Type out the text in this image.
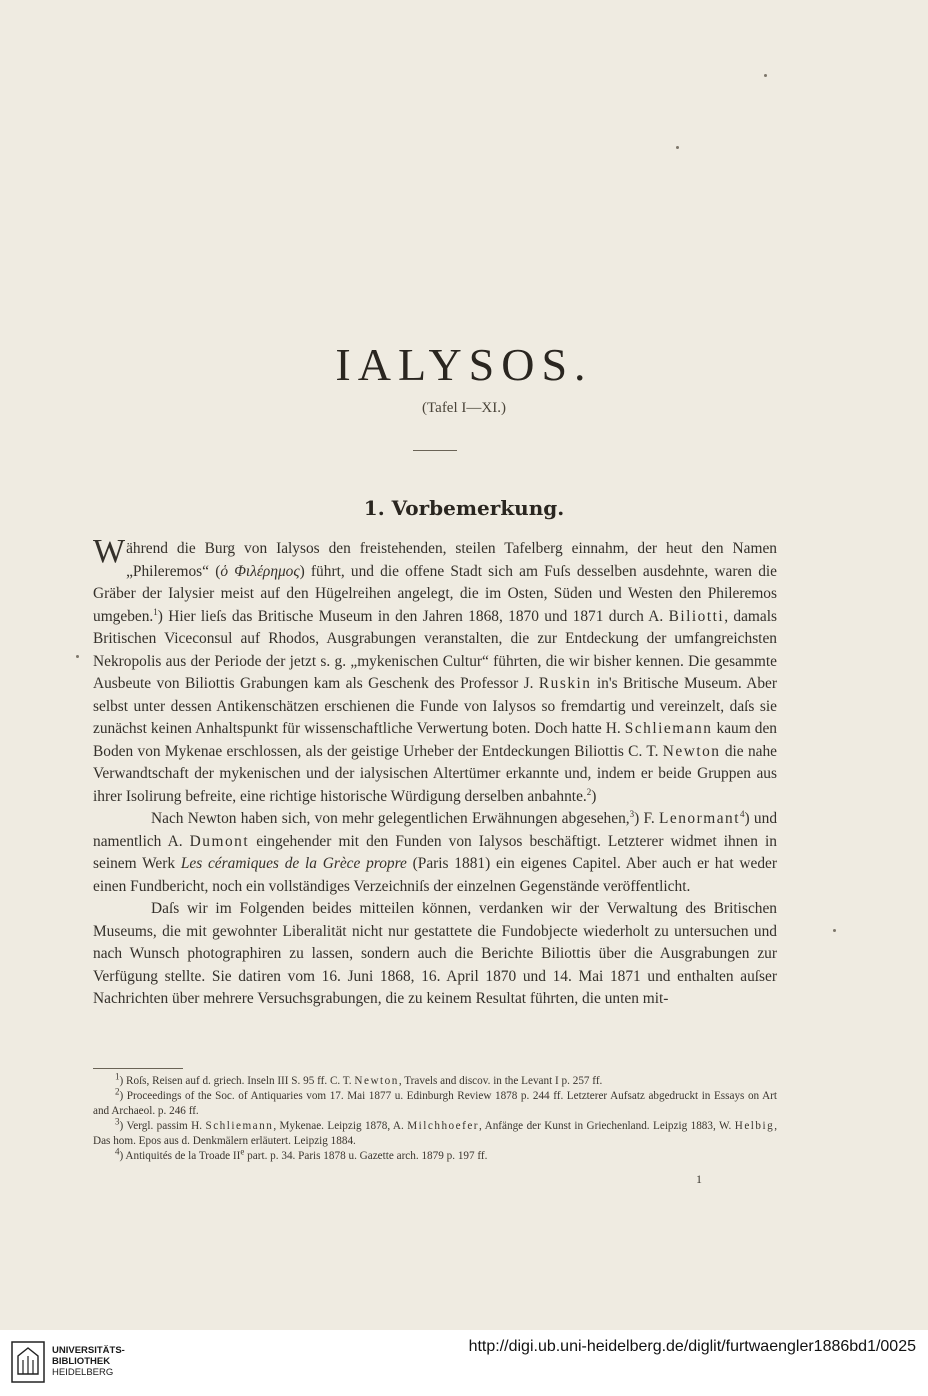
IALYSOS.
(Tafel I—XI.)
1. Vorbemerkung.

Während die Burg von Ialysos den freistehenden, steilen Tafelberg einnahm, der heut den Namen „Phileremos“ (ὁ Φιλέρημος) führt, und die offene Stadt sich am Fuſs desselben ausdehnte, waren die Gräber der Ialysier meist auf den Hügelreihen angelegt, die im Osten, Süden und Westen den Phileremos umgeben.$^1$) Hier lieſs das Britische Museum in den Jahren 1868, 1870 und 1871 durch A. Biliotti, damals Britischen Viceconsul auf Rhodos, Ausgrabungen veranstalten, die zur Entdeckung der umfangreichsten Nekropolis aus der Periode der jetzt s. g. „mykenischen Cultur“ führten, die wir bisher kennen. Die gesammte Ausbeute von Biliottis Grabungen kam als Geschenk des Professor J. Ruskin in's Britische Museum. Aber selbst unter dessen Antikenschätzen erschienen die Funde von Ialysos so fremdartig und vereinzelt, daſs sie zunächst keinen Anhaltspunkt für wissenschaftliche Verwertung boten. Doch hatte H. Schliemann kaum den Boden von Mykenae erschlossen, als der geistige Urheber der Entdeckungen Biliottis C. T. Newton die nahe Verwandtschaft der mykenischen und der ialysischen Altertümer erkannte und, indem er beide Gruppen aus ihrer Isolirung befreite, eine richtige historische Würdigung derselben anbahnte.$^2$)

Nach Newton haben sich, von mehr gelegentlichen Erwähnungen abgesehen,$^3$) F. Lenormant$^4$) und namentlich A. Dumont eingehender mit den Funden von Ialysos beschäftigt. Letzterer widmet ihnen in seinem Werk Les céramiques de la Grèce propre (Paris 1881) ein eigenes Capitel. Aber auch er hat weder einen Fundbericht, noch ein vollständiges Verzeichniſs der einzelnen Gegenstände veröffentlicht.

Daſs wir im Folgenden beides mitteilen können, verdanken wir der Verwaltung des Britischen Museums, die mit gewohnter Liberalität nicht nur gestattete die Fundobjecte wiederholt zu untersuchen und nach Wunsch photographiren zu lassen, sondern auch die Berichte Biliottis über die Ausgrabungen zur Verfügung stellte. Sie datiren vom 16. Juni 1868, 16. April 1870 und 14. Mai 1871 und enthalten auſser Nachrichten über mehrere Versuchsgrabungen, die zu keinem Resultat führten, die unten mit-

$^1$) Roſs, Reisen auf d. griech. Inseln III S. 95 ff. C. T. Newton, Travels and discov. in the Levant I p. 257 ff.

$^2$) Proceedings of the Soc. of Antiquaries vom 17. Mai 1877 u. Edinburgh Review 1878 p. 244 ff. Letzterer Aufsatz abgedruckt in Essays on Art and Archaeol. p. 246 ff.

$^3$) Vergl. passim H. Schliemann, Mykenae. Leipzig 1878, A. Milchhoefer, Anfänge der Kunst in Griechenland. Leipzig 1883, W. Helbig, Das hom. Epos aus d. Denkmälern erläutert. Leipzig 1884.

$^4$) Antiquités de la Troade IIe part. p. 34. Paris 1878 u. Gazette arch. 1879 p. 197 ff.

1
UNIVERSITÄTS-
BIBLIOTHEK
HEIDELBERG
http://digi.ub.uni-heidelberg.de/diglit/furtwaengler1886bd1/0025
